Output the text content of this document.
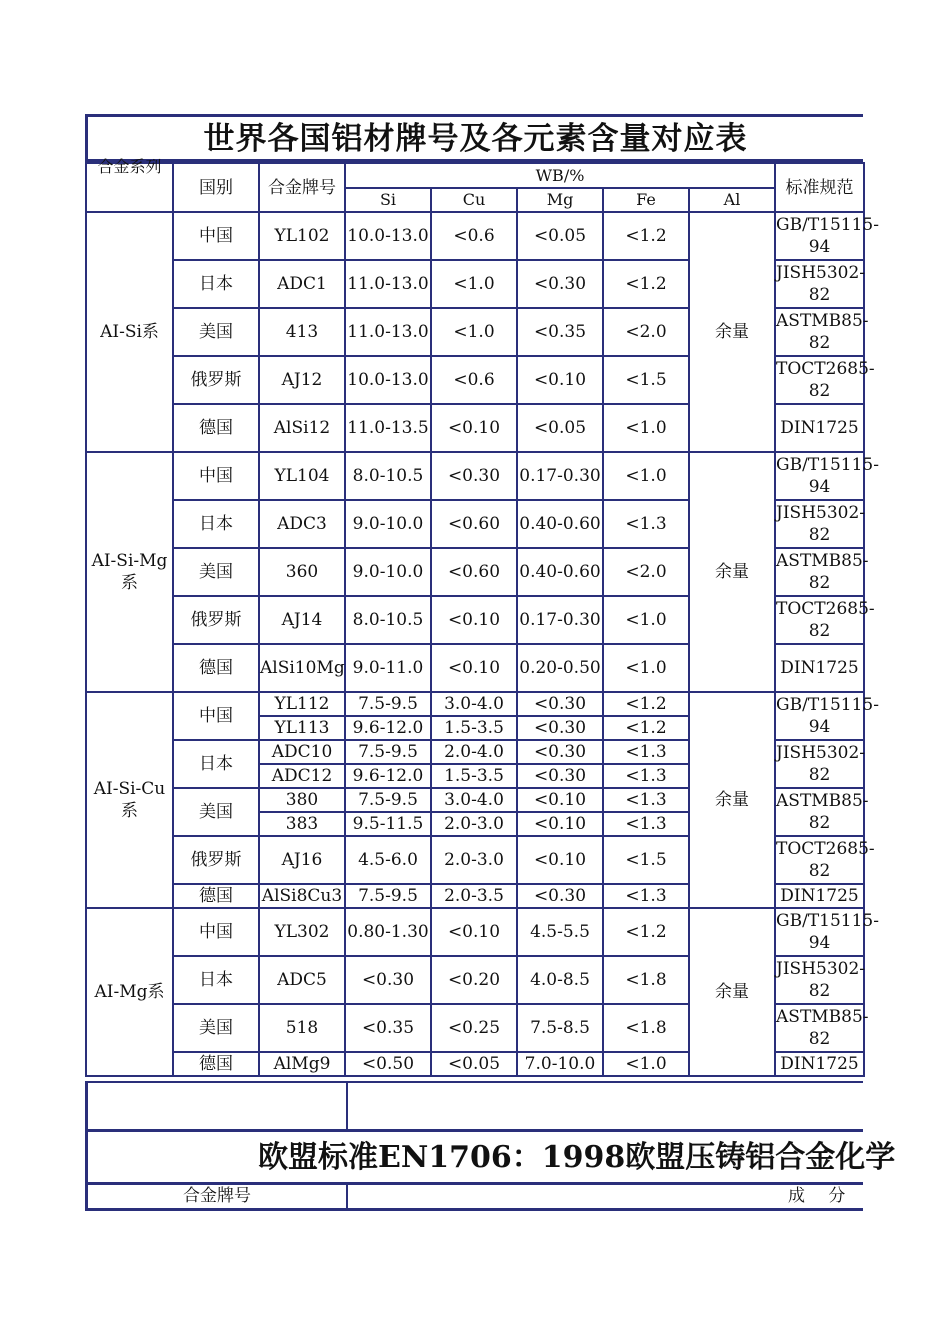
世界各国铝材牌号及各元素含量对应表
合金系列	国别	合金牌号	WB/%					标准规范
			Si	Cu	Mg	Fe	Al	
AI-Si系	中国	YL102	10.0-13.0	<0.6	<0.05	<1.2	余量	GB/T15115-94
	日本	ADC1	11.0-13.0	<1.0	<0.30	<1.2		JISH5302-82
	美国	413	11.0-13.0	<1.0	<0.35	<2.0		ASTMB85-82
	俄罗斯	AJ12	10.0-13.0	<0.6	<0.10	<1.5		TOCT2685-82
	德国	AlSi12	11.0-13.5	<0.10	<0.05	<1.0		DIN1725
AI-Si-Mg系	中国	YL104	8.0-10.5	<0.30	0.17-0.30	<1.0	余量	GB/T15115-94
	日本	ADC3	9.0-10.0	<0.60	0.40-0.60	<1.3		JISH5302-82
	美国	360	9.0-10.0	<0.60	0.40-0.60	<2.0		ASTMB85-82
	俄罗斯	AJ14	8.0-10.5	<0.10	0.17-0.30	<1.0		TOCT2685-82
	德国	AlSi10Mg	9.0-11.0	<0.10	0.20-0.50	<1.0		DIN1725
AI-Si-Cu系	中国	YL112	7.5-9.5	3.0-4.0	<0.30	<1.2	余量	GB/T15115-94
		YL113	9.6-12.0	1.5-3.5	<0.30	<1.2		
	日本	ADC10	7.5-9.5	2.0-4.0	<0.30	<1.3		JISH5302-82
		ADC12	9.6-12.0	1.5-3.5	<0.30	<1.3		
	美国	380	7.5-9.5	3.0-4.0	<0.10	<1.3		ASTMB85-82
		383	9.5-11.5	2.0-3.0	<0.10	<1.3		
	俄罗斯	AJ16	4.5-6.0	2.0-3.0	<0.10	<1.5		TOCT2685-82
	德国	AlSi8Cu3	7.5-9.5	2.0-3.5	<0.30	<1.3		DIN1725
AI-Mg系	中国	YL302	0.80-1.30	<0.10	4.5-5.5	<1.2	余量	GB/T15115-94
	日本	ADC5	<0.30	<0.20	4.0-8.5	<1.8		JISH5302-82
	美国	518	<0.35	<0.25	7.5-8.5	<1.8		ASTMB85-82
	德国	AlMg9	<0.50	<0.05	7.0-10.0	<1.0		DIN1725
欧盟标准EN1706：1998欧盟压铸铝合金化学
合金牌号	成 分
